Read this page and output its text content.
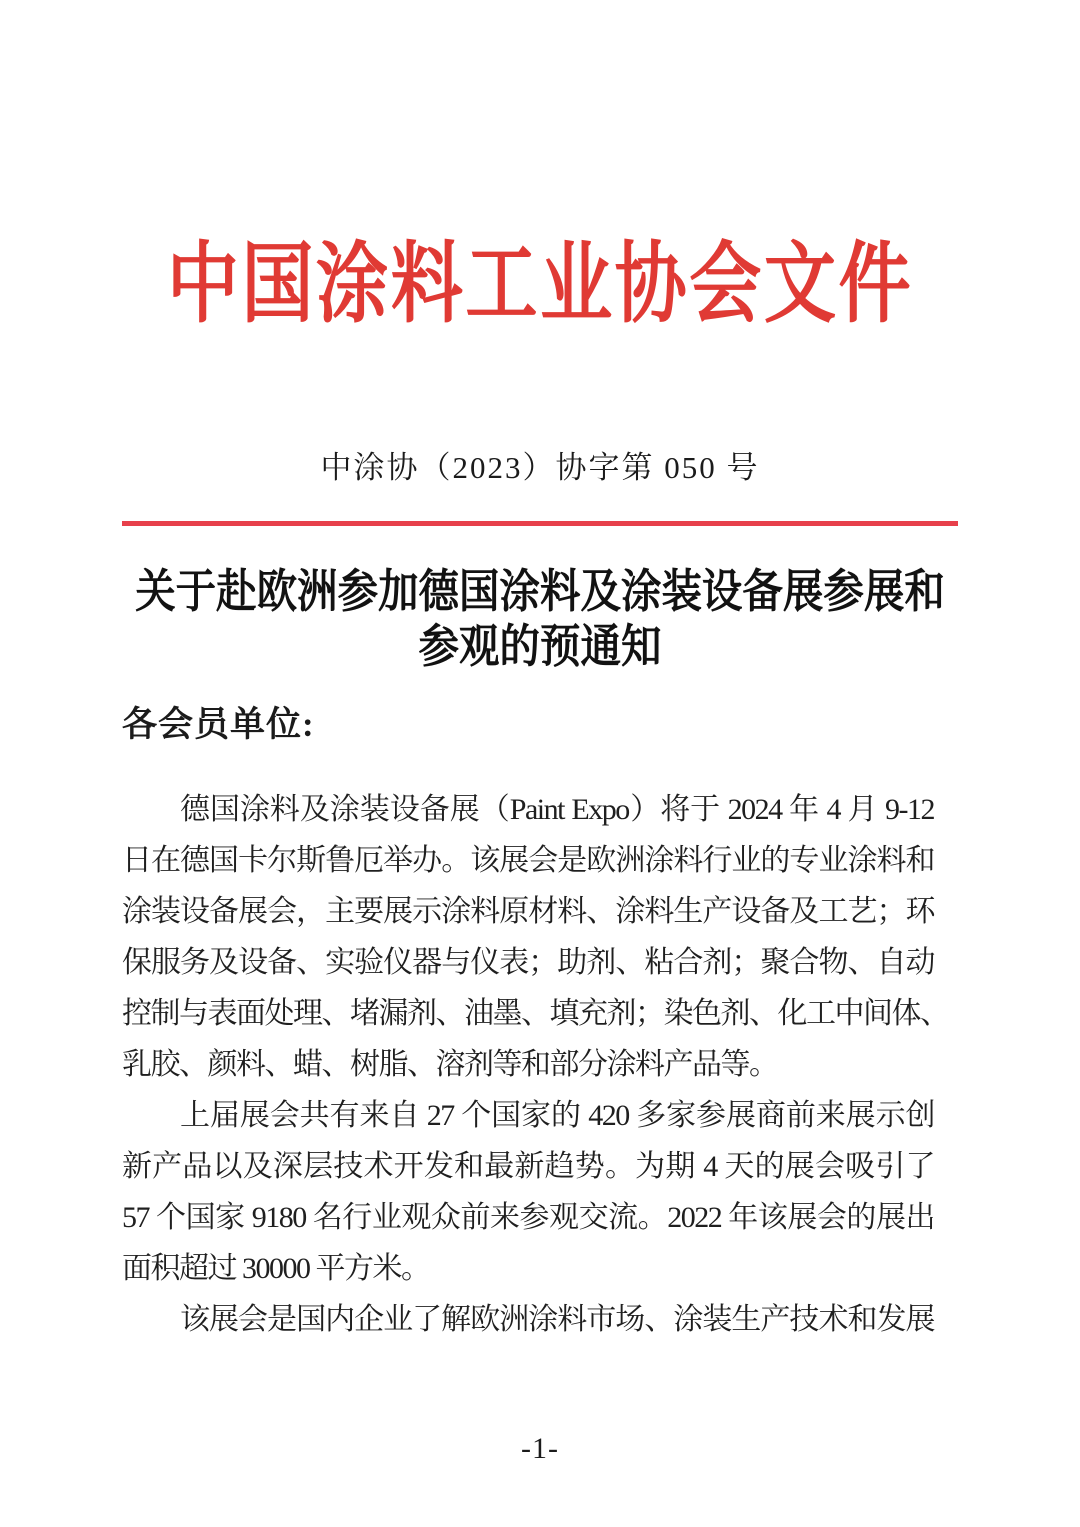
中国涂料工业协会文件
中涂协（2023）协字第 050 号
关于赴欧洲参加德国涂料及涂装设备展参展和
参观的预通知
各会员单位:
德国涂料及涂装设备展（Paint Expo）将于 2024 年 4 月 9-12
日在德国卡尔斯鲁厄举办。该展会是欧洲涂料行业的专业涂料和
涂装设备展会，主要展示涂料原材料、涂料生产设备及工艺；环
保服务及设备、实验仪器与仪表；助剂、粘合剂；聚合物、自动
控制与表面处理、堵漏剂、油墨、填充剂；染色剂、化工中间体、
乳胶、颜料、蜡、树脂、溶剂等和部分涂料产品等。
上届展会共有来自 27 个国家的 420 多家参展商前来展示创
新产品以及深层技术开发和最新趋势。为期 4 天的展会吸引了
57 个国家 9180 名行业观众前来参观交流。2022 年该展会的展出
面积超过 30000 平方米。
该展会是国内企业了解欧洲涂料市场、涂装生产技术和发展
-1-
